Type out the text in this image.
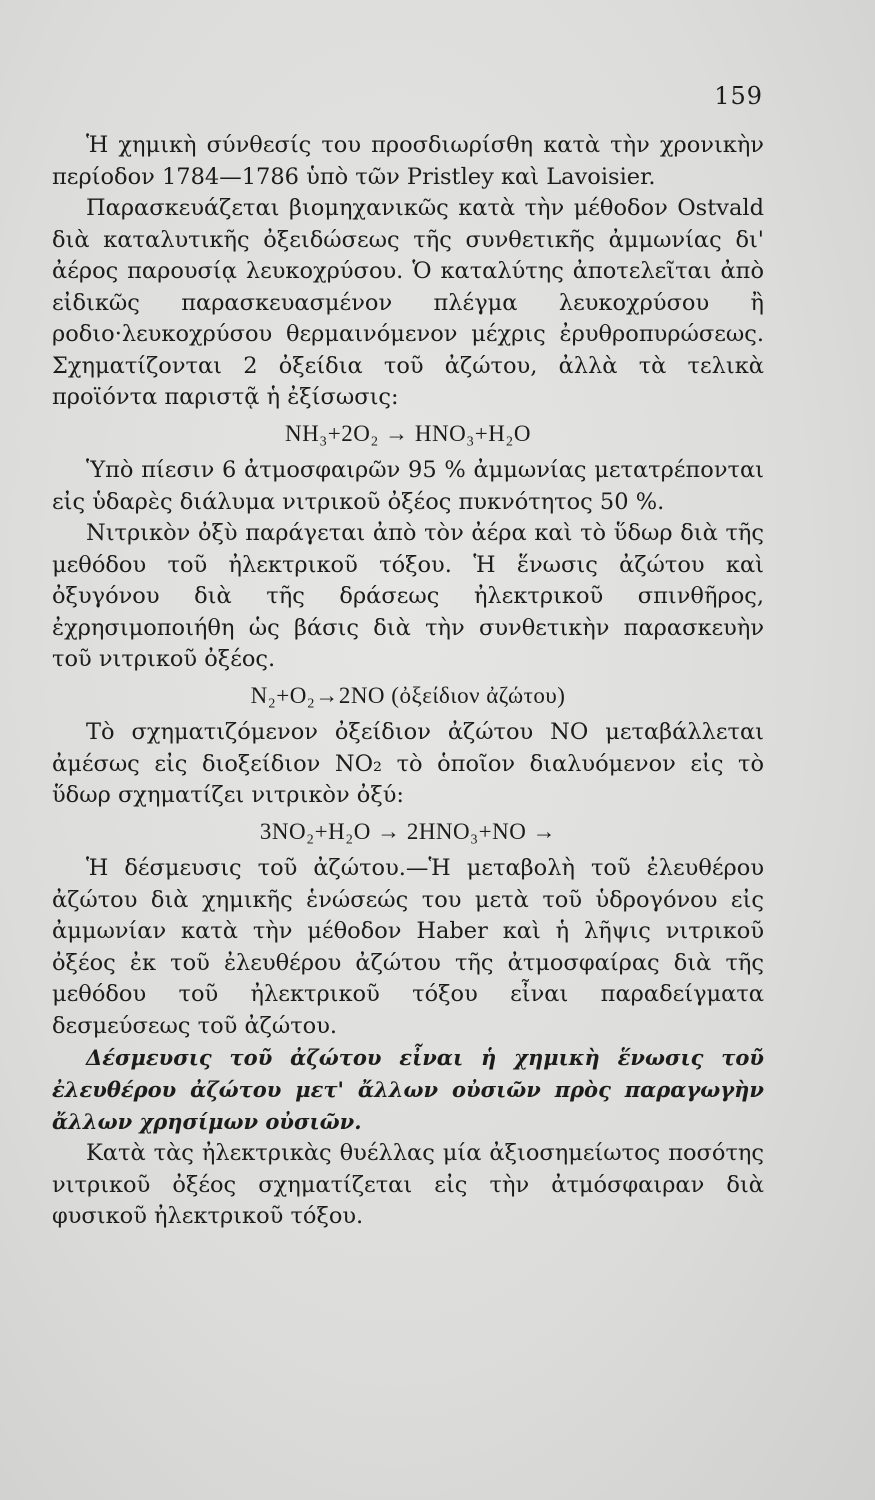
159

Ἡ χημικὴ σύνθεσίς του προσδιωρίσθη κατὰ τὴν χρονικὴν περίοδον 1784—1786 ὑπὸ τῶν Pristley καὶ Lavoisier.

Παρασκευάζεται βιομηχανικῶς κατὰ τὴν μέθοδον Ostvald διὰ καταλυτικῆς ὀξειδώσεως τῆς συνθετικῆς ἀμμωνίας δι' ἀέρος παρουσίᾳ λευκοχρύσου. Ὁ καταλύτης ἀποτελεῖται ἀπὸ εἰδικῶς παρασκευασμένον πλέγμα λευκοχρύσου ἢ ροδιο·λευκοχρύσου θερμαινόμενον μέχρις ἐρυθροπυρώσεως. Σχηματίζονται 2 ὀξείδια τοῦ ἀζώτου, ἀλλὰ τὰ τελικὰ προϊόντα παριστᾷ ἡ ἐξίσωσις:

NH₃+2O₂ → HNO₃+H₂O

Ὑπὸ πίεσιν 6 ἀτμοσφαιρῶν 95 % ἀμμωνίας μετατρέπονται εἰς ὑδαρὲς διάλυμα νιτρικοῦ ὀξέος πυκνότητος 50 %.

Νιτρικὸν ὀξὺ παράγεται ἀπὸ τὸν ἀέρα καὶ τὸ ὕδωρ διὰ τῆς μεθόδου τοῦ ἠλεκτρικοῦ τόξου. Ἡ ἕνωσις ἀζώτου καὶ ὀξυγόνου διὰ τῆς δράσεως ἠλεκτρικοῦ σπινθῆρος, ἐχρησιμοποιήθη ὡς βάσις διὰ τὴν συνθετικὴν παρασκευὴν τοῦ νιτρικοῦ ὀξέος.

N₂+O₂→2NO (ὀξείδιον ἀζώτου)

Τὸ σχηματιζόμενον ὀξείδιον ἀζώτου NO μεταβάλλεται ἀμέσως εἰς διοξείδιον NO₂ τὸ ὁποῖον διαλυόμενον εἰς τὸ ὕδωρ σχηματίζει νιτρικὸν ὀξύ:

3NO₂+H₂O → 2HNO₃+NO →

Ἡ δέσμευσις τοῦ ἀζώτου.—Ἡ μεταβολὴ τοῦ ἐλευθέρου ἀζώτου διὰ χημικῆς ἑνώσεώς του μετὰ τοῦ ὑδρογόνου εἰς ἀμμωνίαν κατὰ τὴν μέθοδον Haber καὶ ἡ λῆψις νιτρικοῦ ὀξέος ἐκ τοῦ ἐλευθέρου ἀζώτου τῆς ἀτμοσφαίρας διὰ τῆς μεθόδου τοῦ ἠλεκτρικοῦ τόξου εἶναι παραδείγματα δεσμεύσεως τοῦ ἀζώτου.

Δέσμευσις τοῦ ἀζώτου εἶναι ἡ χημικὴ ἕνωσις τοῦ ἐλευθέρου ἀζώτου μετ' ἄλλων οὐσιῶν πρὸς παραγωγὴν ἄλλων χρησίμων οὐσιῶν.

Κατὰ τὰς ἠλεκτρικὰς θυέλλας μία ἀξιοσημείωτος ποσότης νιτρικοῦ ὀξέος σχηματίζεται εἰς τὴν ἀτμόσφαιραν διὰ φυσικοῦ ἠλεκτρικοῦ τόξου.
